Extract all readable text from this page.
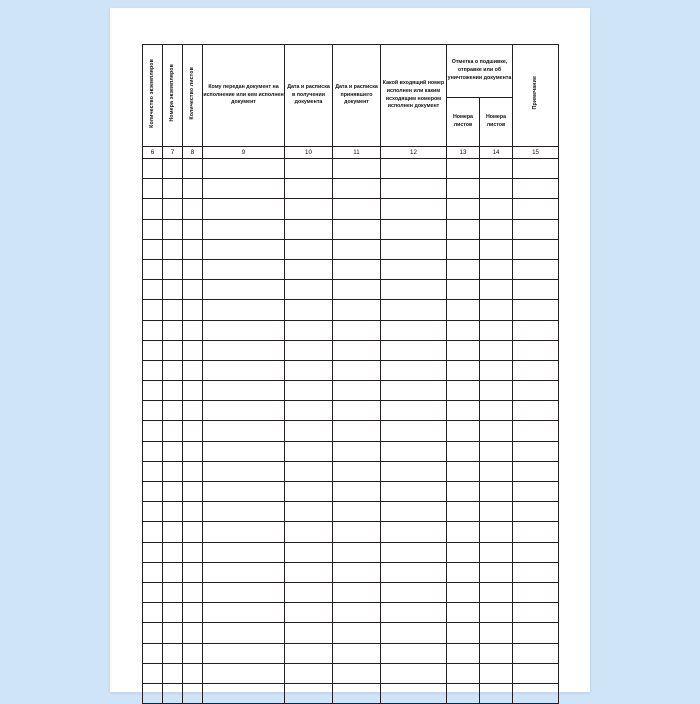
Количество экземпляров	Номера экземпляров	Количество листов	Кому передан документ на исполнение или кем исполнен документ	Дата и расписка в получении документа	Дата и расписка принявшего документ	Какой входящий номер исполнен или каким исходящим номером исполнен документ	Отметка о подшивке, отправке или об уничтожении документа		Примечание
							Номера листов	Номера листов	
6	7	8	9	10	11	12	13	14	15
